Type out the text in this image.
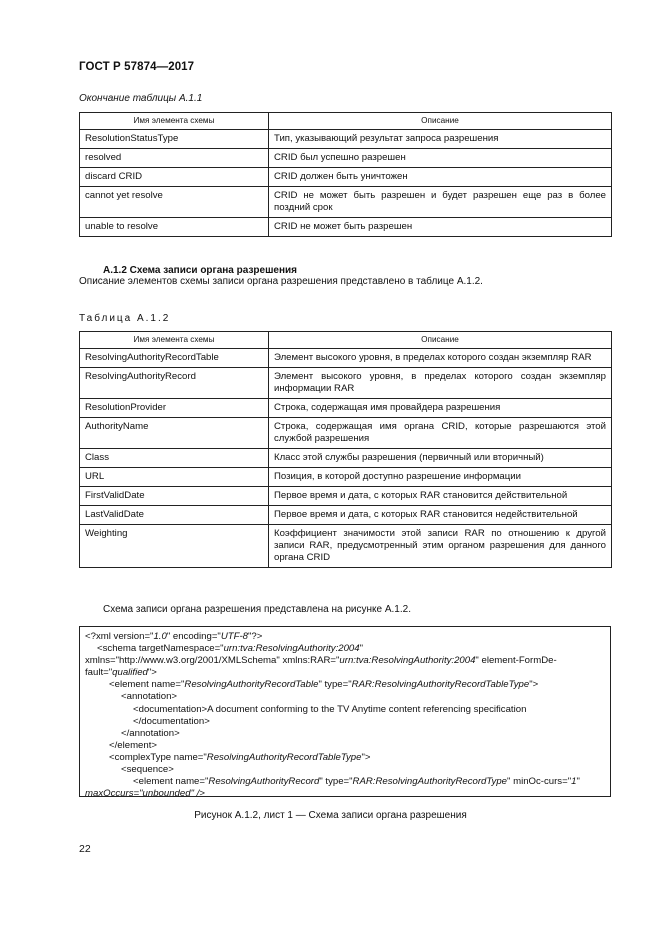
ГОСТ Р 57874—2017
Окончание таблицы А.1.1
Имя элемента схемы	Описание
ResolutionStatusType	Тип, указывающий результат запроса разрешения
resolved	CRID был успешно разрешен
discard CRID	CRID должен быть уничтожен
cannot yet resolve	CRID не может быть разрешен и будет разрешен еще раз в более поздний срок
unable to resolve	CRID не может быть разрешен
А.1.2 Схема записи органа разрешения
Описание элементов схемы записи органа разрешения представлено в таблице А.1.2.
Таблица А.1.2
Имя элемента схемы	Описание
ResolvingAuthorityRecordTable	Элемент высокого уровня, в пределах которого создан экземпляр RAR
ResolvingAuthorityRecord	Элемент высокого уровня, в пределах которого создан экземпляр информации RAR
ResolutionProvider	Строка, содержащая имя провайдера разрешения
AuthorityName	Строка, содержащая имя органа CRID, которые разрешаются этой службой разрешения
Class	Класс этой службы разрешения (первичный или вторичный)
URL	Позиция, в которой доступно разрешение информации
FirstValidDate	Первое время и дата, с которых RAR становится действительной
LastValidDate	Первое время и дата, с которых RAR становится недействительной
Weighting	Коэффициент значимости этой записи RAR по отношению к другой записи RAR, предусмотренный этим органом разрешения для данного органа CRID
Схема записи органа разрешения представлена на рисунке А.1.2.
<?xml version="1.0" encoding="UTF-8"?>
<schema targetNamespace="urn:tva:ResolvingAuthority:2004"
xmlns="http://www.w3.org/2001/XMLSchema" xmlns:RAR="urn:tva:ResolvingAuthority:2004" element-FormDe-
fault="qualified">
<element name="ResolvingAuthorityRecordTable" type="RAR:ResolvingAuthorityRecordTableType">
<annotation>
<documentation>A document conforming to the TV Anytime content referencing specification
</documentation>
</annotation>
</element>
<complexType name="ResolvingAuthorityRecordTableType">
<sequence>
<element name="ResolvingAuthorityRecord" type="RAR:ResolvingAuthorityRecordType" minOc-curs="1"
maxOccurs="unbounded" />
Рисунок А.1.2, лист 1 — Схема записи органа разрешения
22
